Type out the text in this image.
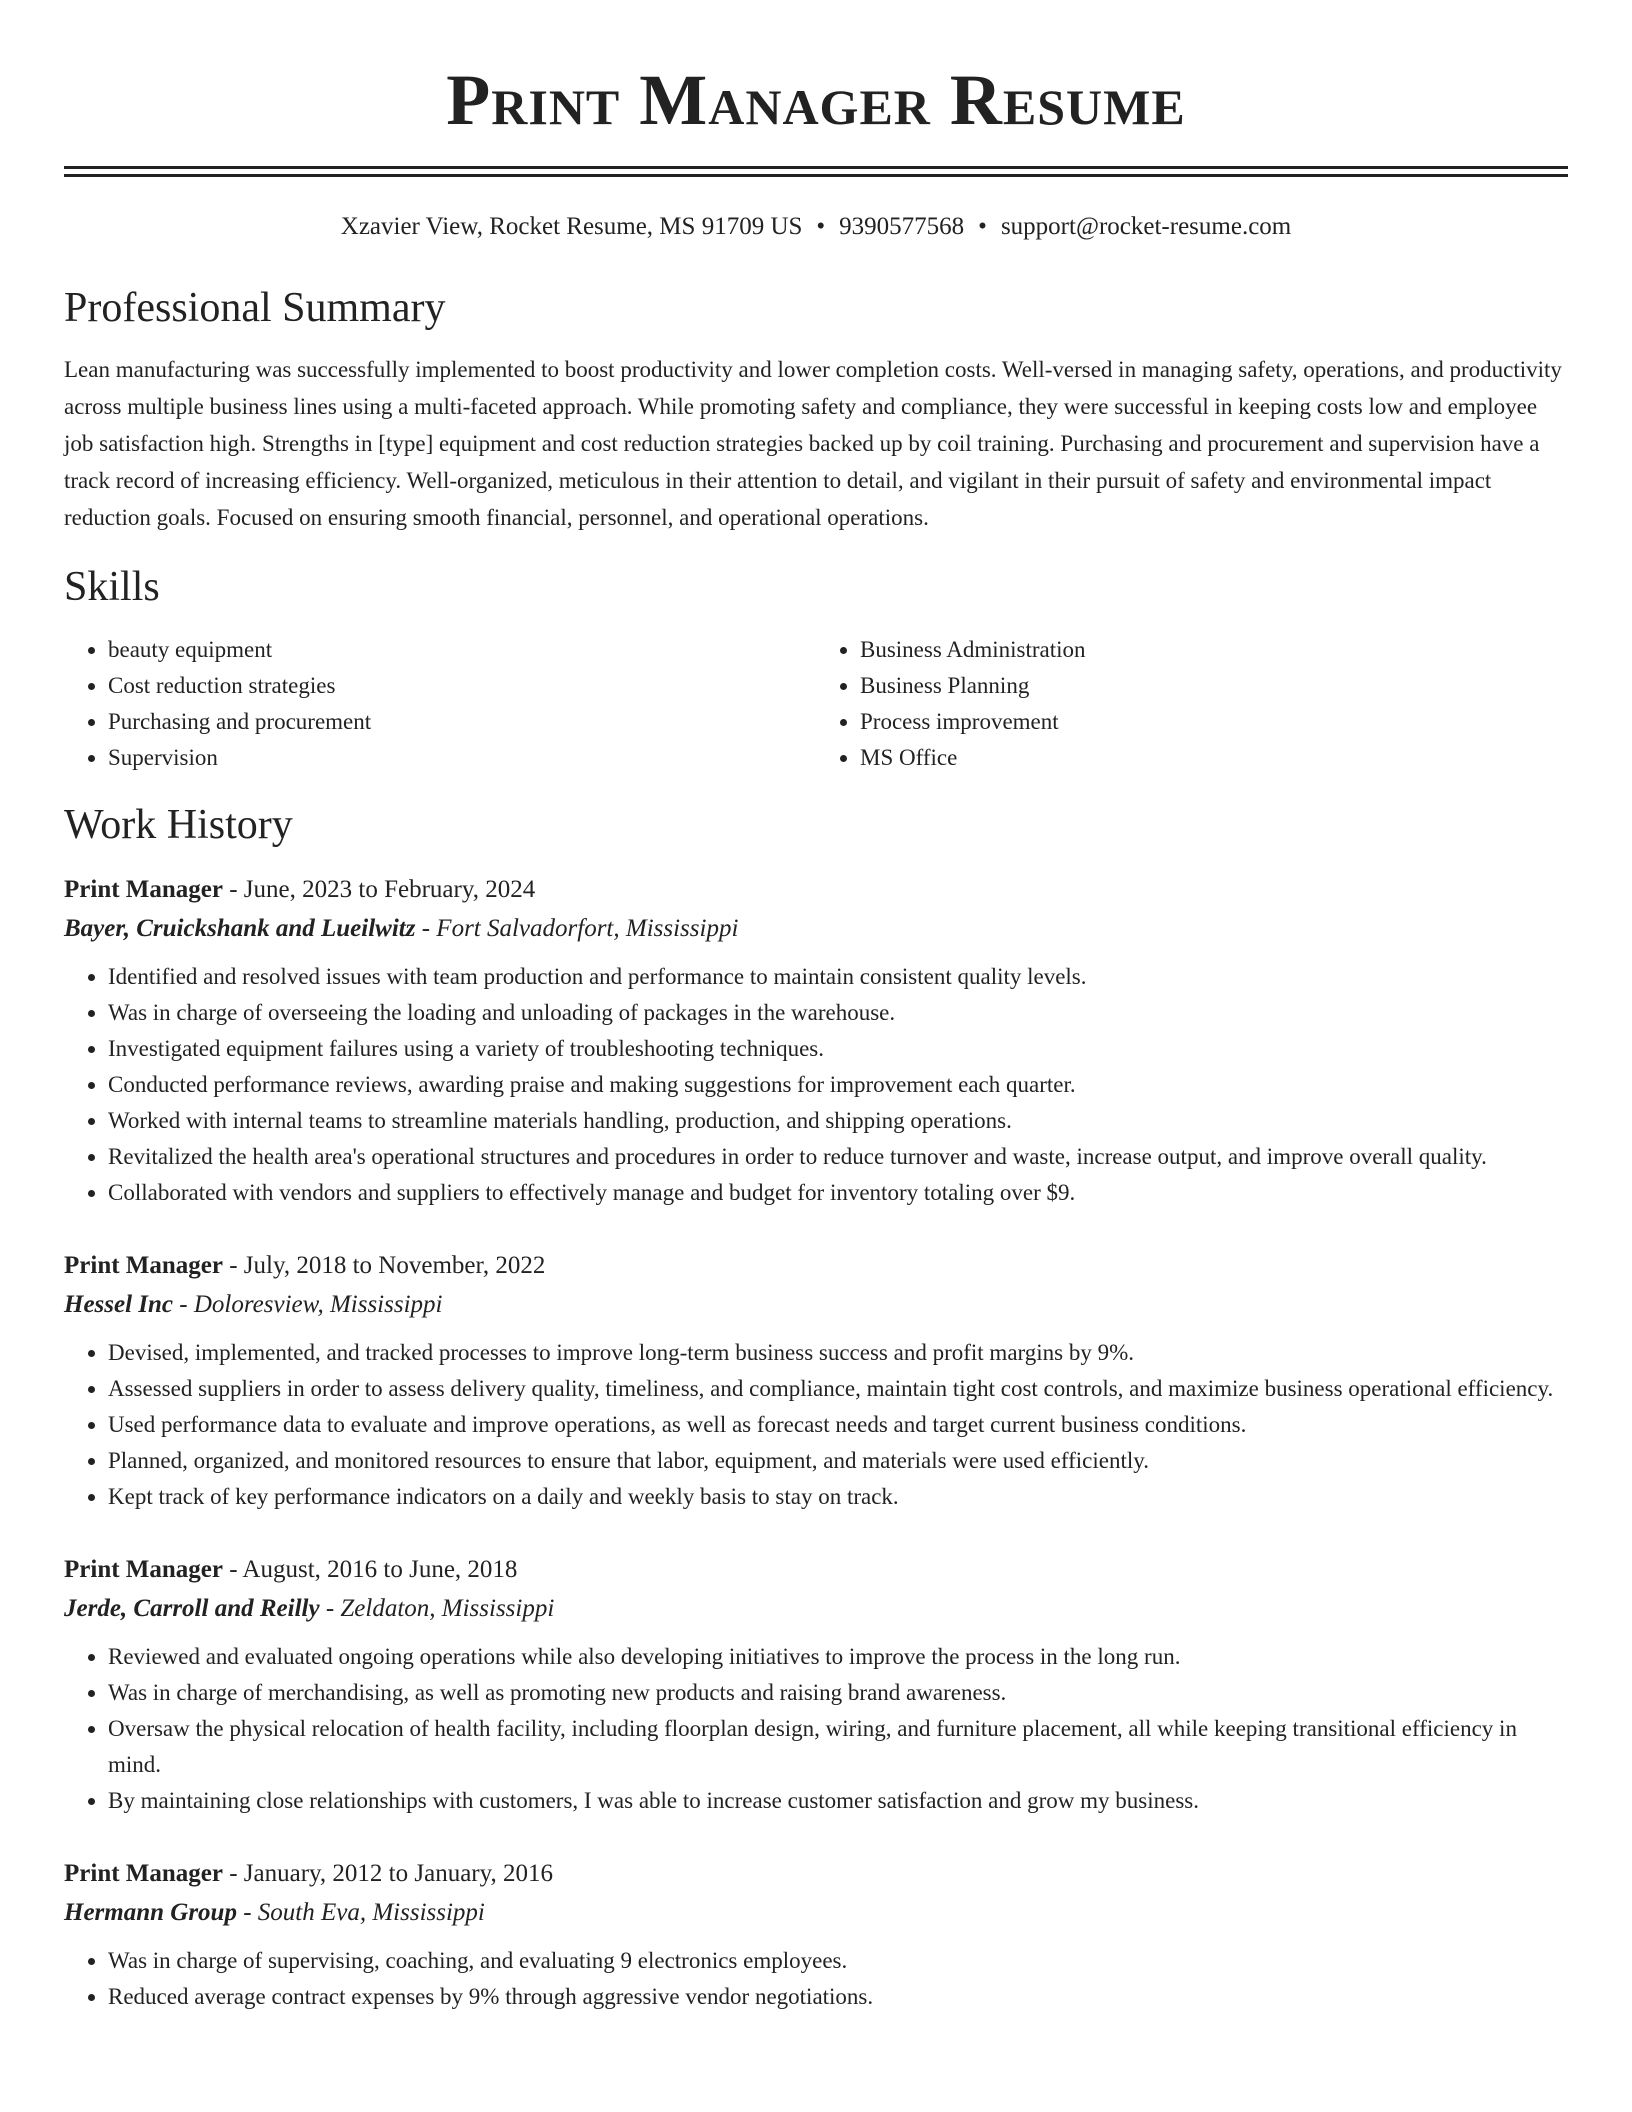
Print Manager Resume
Xzavier View, Rocket Resume, MS 91709 US • 9390577568 • support@rocket-resume.com
Professional Summary

Lean manufacturing was successfully implemented to boost productivity and lower completion costs. Well-versed in managing safety, operations, and productivity across multiple business lines using a multi-faceted approach. While promoting safety and compliance, they were successful in keeping costs low and employee job satisfaction high. Strengths in [type] equipment and cost reduction strategies backed up by coil training. Purchasing and procurement and supervision have a track record of increasing efficiency. Well-organized, meticulous in their attention to detail, and vigilant in their pursuit of safety and environmental impact reduction goals. Focused on ensuring smooth financial, personnel, and operational operations.

Skills
• beauty equipment
• Cost reduction strategies
• Purchasing and procurement
• Supervision
• Business Administration
• Business Planning
• Process improvement
• MS Office
Work History
Print Manager - June, 2023 to February, 2024
Bayer, Cruickshank and Lueilwitz - Fort Salvadorfort, Mississippi
• Identified and resolved issues with team production and performance to maintain consistent quality levels.
• Was in charge of overseeing the loading and unloading of packages in the warehouse.
• Investigated equipment failures using a variety of troubleshooting techniques.
• Conducted performance reviews, awarding praise and making suggestions for improvement each quarter.
• Worked with internal teams to streamline materials handling, production, and shipping operations.
• Revitalized the health area's operational structures and procedures in order to reduce turnover and waste, increase output, and improve overall quality.
• Collaborated with vendors and suppliers to effectively manage and budget for inventory totaling over $9.
Print Manager - July, 2018 to November, 2022
Hessel Inc - Doloresview, Mississippi
• Devised, implemented, and tracked processes to improve long-term business success and profit margins by 9%.
• Assessed suppliers in order to assess delivery quality, timeliness, and compliance, maintain tight cost controls, and maximize business operational efficiency.
• Used performance data to evaluate and improve operations, as well as forecast needs and target current business conditions.
• Planned, organized, and monitored resources to ensure that labor, equipment, and materials were used efficiently.
• Kept track of key performance indicators on a daily and weekly basis to stay on track.
Print Manager - August, 2016 to June, 2018
Jerde, Carroll and Reilly - Zeldaton, Mississippi
• Reviewed and evaluated ongoing operations while also developing initiatives to improve the process in the long run.
• Was in charge of merchandising, as well as promoting new products and raising brand awareness.
• Oversaw the physical relocation of health facility, including floorplan design, wiring, and furniture placement, all while keeping transitional efficiency in mind.
• By maintaining close relationships with customers, I was able to increase customer satisfaction and grow my business.
Print Manager - January, 2012 to January, 2016
Hermann Group - South Eva, Mississippi
• Was in charge of supervising, coaching, and evaluating 9 electronics employees.
• Reduced average contract expenses by 9% through aggressive vendor negotiations.
